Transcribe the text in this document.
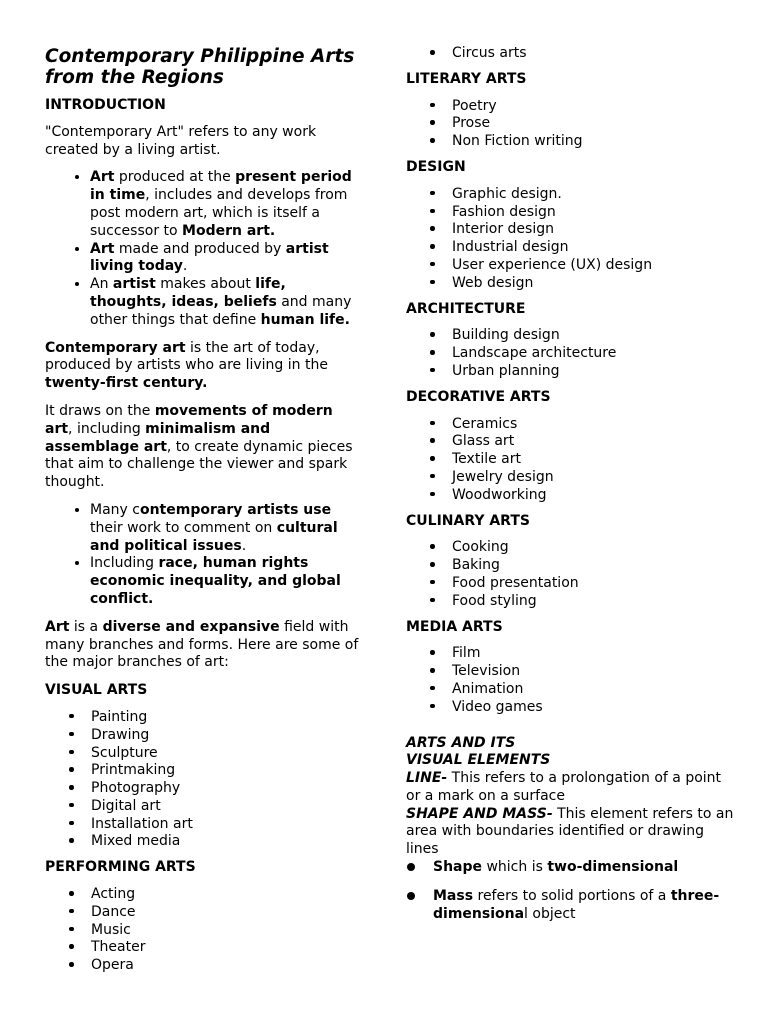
Contemporary Philippine Arts from the Regions
INTRODUCTION

"Contemporary Art" refers to any work created by a living artist.

• Art produced at the present period in time, includes and develops from post modern art, which is itself a successor to Modern art.
• Art made and produced by artist living today.
• An artist makes about life, thoughts, ideas, beliefs and many other things that define human life.

Contemporary art is the art of today, produced by artists who are living in the twenty-first century.

It draws on the movements of modern art, including minimalism and assemblage art, to create dynamic pieces that aim to challenge the viewer and spark thought.

• Many contemporary artists use their work to comment on cultural and political issues.
• Including race, human rights economic inequality, and global conflict.

Art is a diverse and expansive field with many branches and forms. Here are some of the major branches of art:

VISUAL ARTS
Painting
Drawing
Sculpture
Printmaking
Photography
Digital art
Installation art
Mixed media
PERFORMING ARTS
Acting
Dance
Music
Theater
Opera
Circus arts
LITERARY ARTS
Poetry
Prose
Non Fiction writing
DESIGN
Graphic design.
Fashion design
Interior design
Industrial design
User experience (UX) design
Web design
ARCHITECTURE
Building design
Landscape architecture
Urban planning
DECORATIVE ARTS
Ceramics
Glass art
Textile art
Jewelry design
Woodworking
CULINARY ARTS
Cooking
Baking
Food presentation
Food styling
MEDIA ARTS
Film
Television
Animation
Video games

ARTS AND ITS

VISUAL ELEMENTS

LINE- This refers to a prolongation of a point or a mark on a surface

SHAPE AND MASS- This element refers to an area with boundaries identified or drawing lines

Shape which is two-dimensional
Mass refers to solid portions of a three-dimensional object
